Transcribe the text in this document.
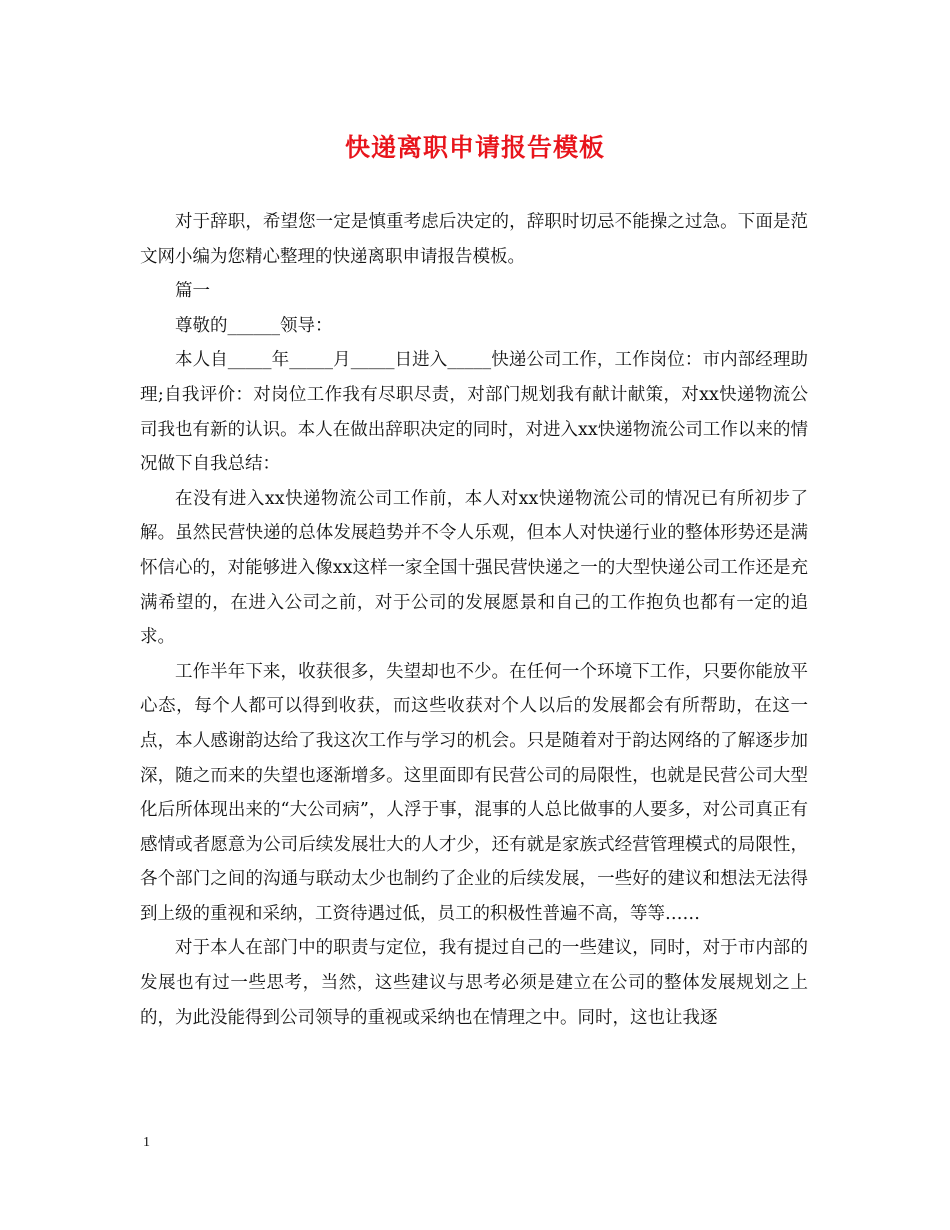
快递离职申请报告模板

对于辞职，希望您一定是慎重考虑后决定的，辞职时切忌不能操之过急。下面是范文网小编为您精心整理的快递离职申请报告模板。

篇一

尊敬的______领导：

本人自_____年_____月_____日进入_____快递公司工作，工作岗位：市内部经理助理;自我评价：对岗位工作我有尽职尽责，对部门规划我有献计献策，对xx快递物流公司我也有新的认识。本人在做出辞职决定的同时，对进入xx快递物流公司工作以来的情况做下自我总结：

在没有进入xx快递物流公司工作前，本人对xx快递物流公司的情况已有所初步了解。虽然民营快递的总体发展趋势并不令人乐观，但本人对快递行业的整体形势还是满怀信心的，对能够进入像xx这样一家全国十强民营快递之一的大型快递公司工作还是充满希望的，在进入公司之前，对于公司的发展愿景和自己的工作抱负也都有一定的追求。

工作半年下来，收获很多，失望却也不少。在任何一个环境下工作，只要你能放平心态，每个人都可以得到收获，而这些收获对个人以后的发展都会有所帮助，在这一点，本人感谢韵达给了我这次工作与学习的机会。只是随着对于韵达网络的了解逐步加深，随之而来的失望也逐渐增多。这里面即有民营公司的局限性，也就是民营公司大型化后所体现出来的“大公司病”，人浮于事，混事的人总比做事的人要多，对公司真正有感情或者愿意为公司后续发展壮大的人才少，还有就是家族式经营管理模式的局限性，各个部门之间的沟通与联动太少也制约了企业的后续发展，一些好的建议和想法无法得到上级的重视和采纳，工资待遇过低，员工的积极性普遍不高，等等……

对于本人在部门中的职责与定位，我有提过自己的一些建议，同时，对于市内部的发展也有过一些思考，当然，这些建议与思考必须是建立在公司的整体发展规划之上的，为此没能得到公司领导的重视或采纳也在情理之中。同时，这也让我逐

1
